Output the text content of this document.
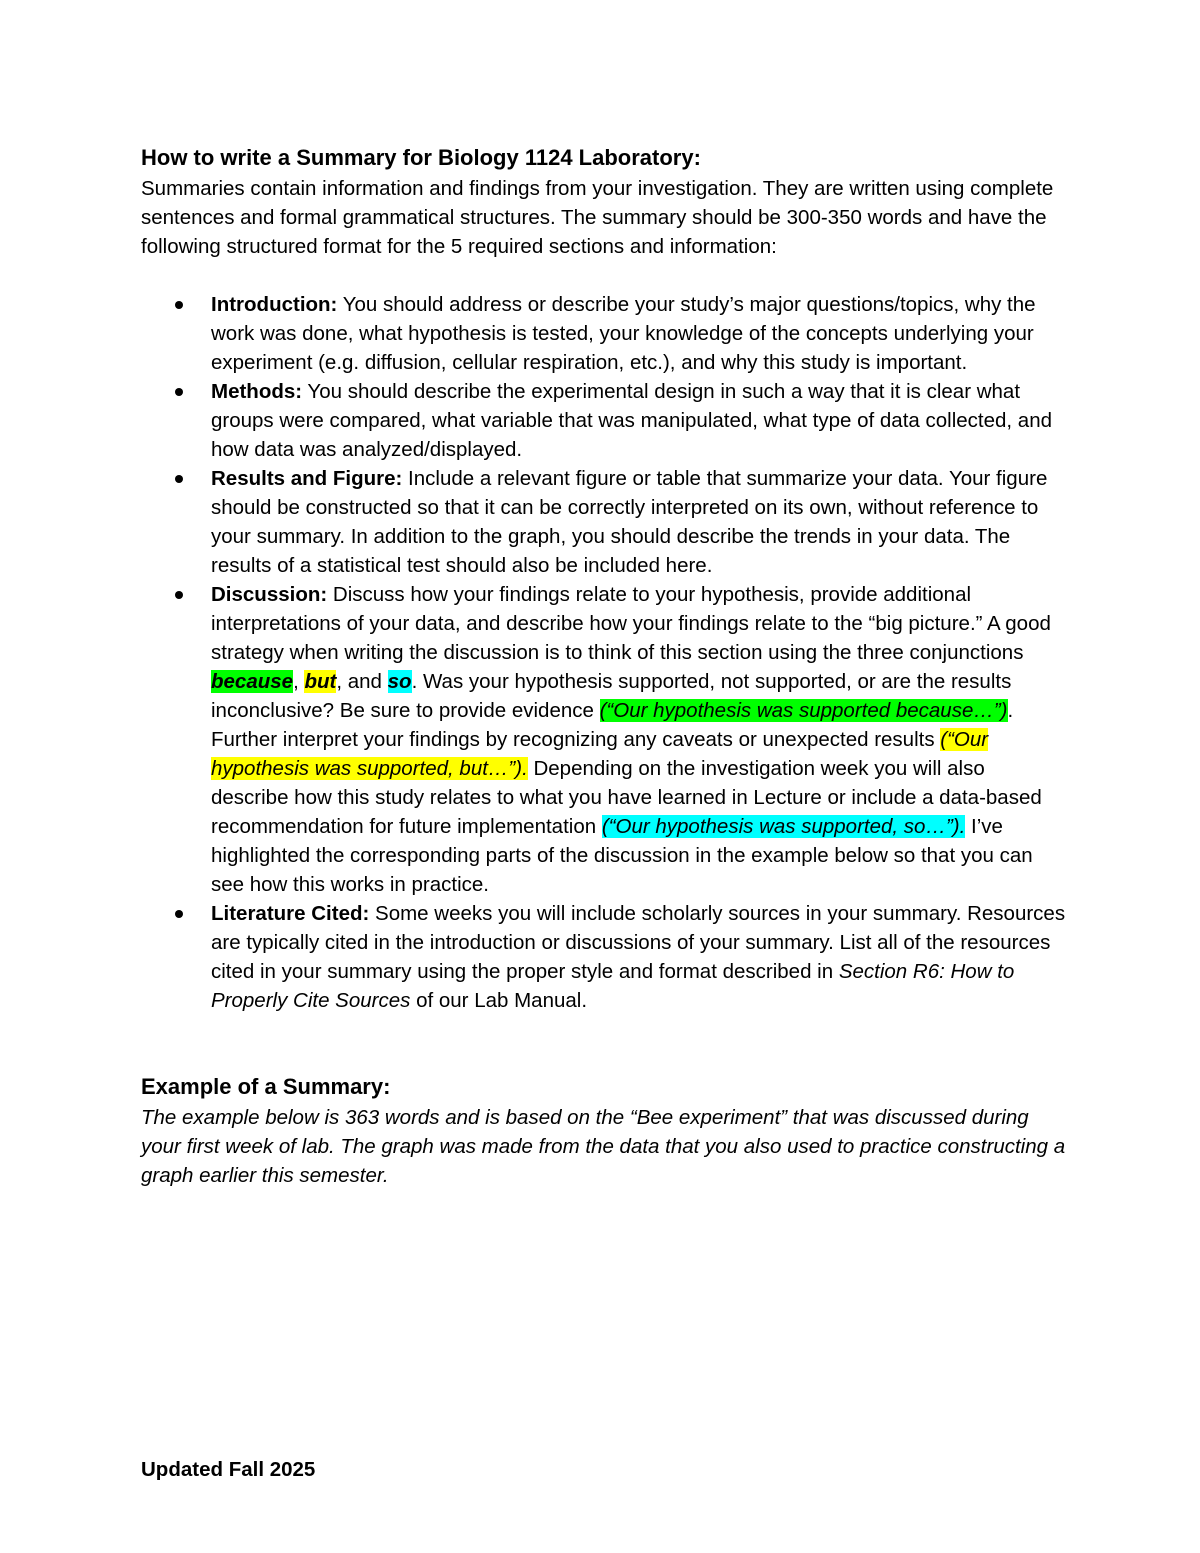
How to write a Summary for Biology 1124 Laboratory:

Summaries contain information and findings from your investigation. They are written using complete sentences and formal grammatical structures. The summary should be 300-350 words and have the following structured format for the 5 required sections and information:

Introduction: You should address or describe your study’s major questions/topics, why the work was done, what hypothesis is tested, your knowledge of the concepts underlying your experiment (e.g. diffusion, cellular respiration, etc.), and why this study is important.
Methods: You should describe the experimental design in such a way that it is clear what groups were compared, what variable that was manipulated, what type of data collected, and how data was analyzed/displayed.
Results and Figure: Include a relevant figure or table that summarize your data. Your figure should be constructed so that it can be correctly interpreted on its own, without reference to your summary. In addition to the graph, you should describe the trends in your data. The results of a statistical test should also be included here.
Discussion: Discuss how your findings relate to your hypothesis, provide additional interpretations of your data, and describe how your findings relate to the “big picture.” A good strategy when writing the discussion is to think of this section using the three conjunctions because, but, and so. Was your hypothesis supported, not supported, or are the results inconclusive? Be sure to provide evidence (“Our hypothesis was supported because…”). Further interpret your findings by recognizing any caveats or unexpected results (“Our hypothesis was supported, but…”). Depending on the investigation week you will also describe how this study relates to what you have learned in Lecture or include a data-based recommendation for future implementation (“Our hypothesis was supported, so…”). I’ve highlighted the corresponding parts of the discussion in the example below so that you can see how this works in practice.
Literature Cited: Some weeks you will include scholarly sources in your summary. Resources are typically cited in the introduction or discussions of your summary. List all of the resources cited in your summary using the proper style and format described in Section R6: How to Properly Cite Sources of our Lab Manual.
Example of a Summary:

The example below is 363 words and is based on the “Bee experiment” that was discussed during your first week of lab. The graph was made from the data that you also used to practice constructing a graph earlier this semester.

Updated Fall 2025
